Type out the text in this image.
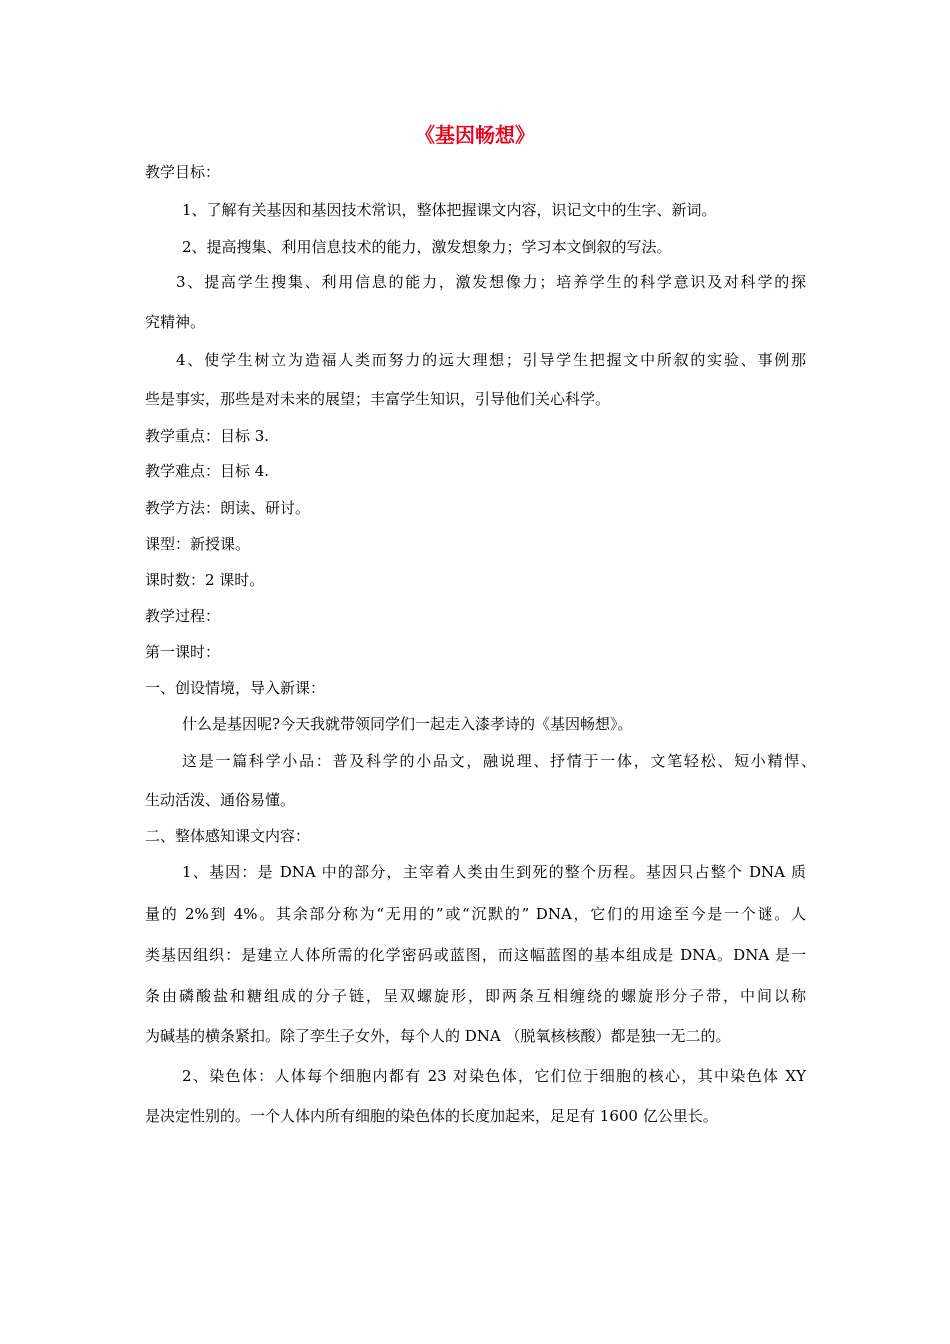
《基因畅想》
教学目标：
1、了解有关基因和基因技术常识，整体把握课文内容，识记文中的生字、新词。
2、提高搜集、利用信息技术的能力，激发想象力；学习本文倒叙的写法。
3、提高学生搜集、利用信息的能力，激发想像力；培养学生的科学意识及对科学的探
究精神。
4、使学生树立为造福人类而努力的远大理想；引导学生把握文中所叙的实验、事例那
些是事实，那些是对未来的展望；丰富学生知识，引导他们关心科学。
教学重点：目标 3.
教学难点：目标 4.
教学方法：朗读、研讨。
课型：新授课。
课时数：2 课时。
教学过程：
第一课时：
一、创设情境，导入新课：
什么是基因呢?今天我就带领同学们一起走入漆孝诗的《基因畅想》。
这是一篇科学小品：普及科学的小品文，融说理、抒情于一体，文笔轻松、短小精悍、
生动活泼、通俗易懂。
二、整体感知课文内容：
1、基因：是 DNA 中的部分，主宰着人类由生到死的整个历程。基因只占整个 DNA 质
量的 2%到 4%。其余部分称为“无用的”或“沉默的” DNA，它们的用途至今是一个谜。人
类基因组织：是建立人体所需的化学密码或蓝图，而这幅蓝图的基本组成是 DNA。DNA 是一
条由磷酸盐和糖组成的分子链，呈双螺旋形，即两条互相缠绕的螺旋形分子带，中间以称
为碱基的横条紧扣。除了孪生子女外，每个人的 DNA （脱氧核核酸）都是独一无二的。
2、染色体：人体每个细胞内都有 23 对染色体，它们位于细胞的核心，其中染色体 XY
是决定性别的。一个人体内所有细胞的染色体的长度加起来，足足有 1600 亿公里长。
